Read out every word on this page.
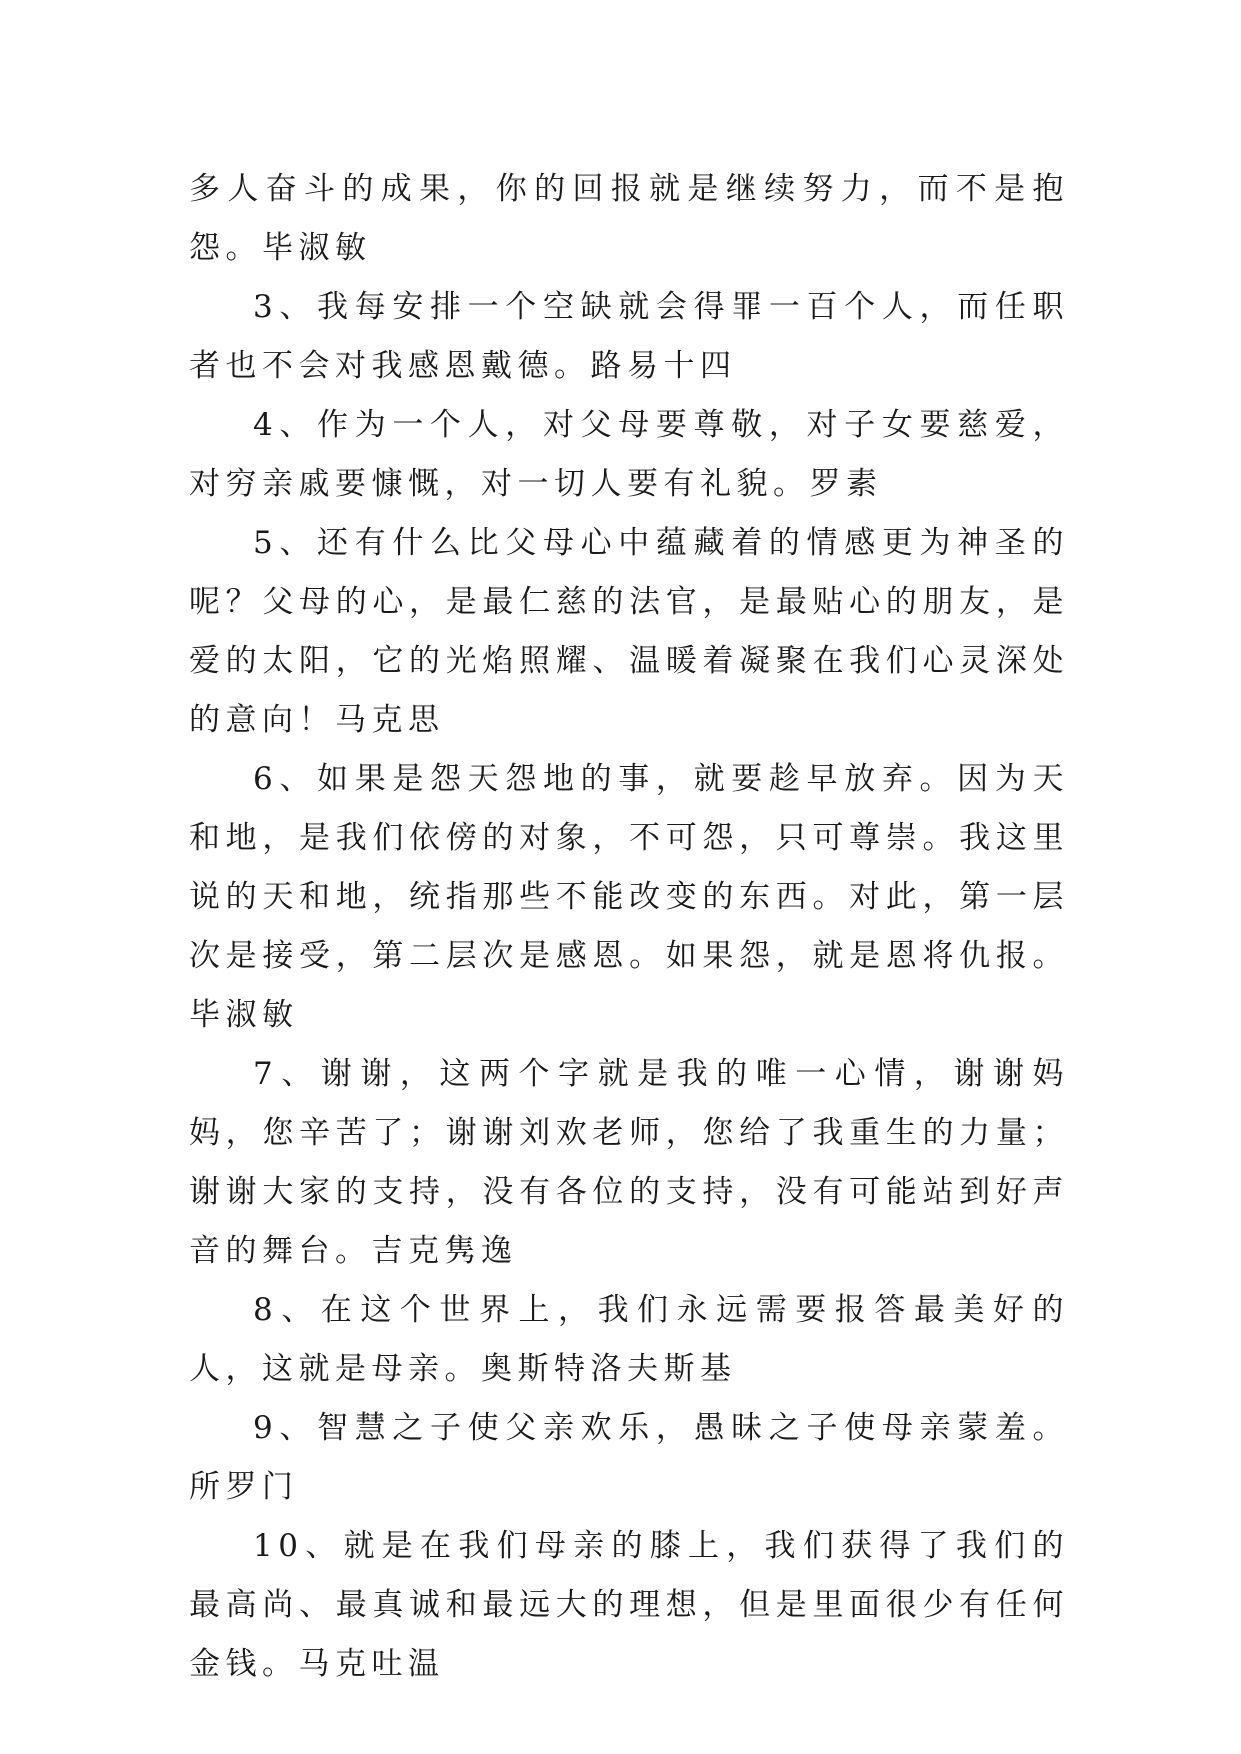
多人奋斗的成果，你的回报就是继续努力，而不是抱怨。毕淑敏

3、我每安排一个空缺就会得罪一百个人，而任职者也不会对我感恩戴德。路易十四

4、作为一个人，对父母要尊敬，对子女要慈爱，对穷亲戚要慷慨，对一切人要有礼貌。罗素

5、还有什么比父母心中蕴藏着的情感更为神圣的呢？父母的心，是最仁慈的法官，是最贴心的朋友，是爱的太阳，它的光焰照耀、温暖着凝聚在我们心灵深处的意向！马克思

6、如果是怨天怨地的事，就要趁早放弃。因为天和地，是我们依傍的对象，不可怨，只可尊崇。我这里说的天和地，统指那些不能改变的东西。对此，第一层次是接受，第二层次是感恩。如果怨，就是恩将仇报。毕淑敏

7、谢谢，这两个字就是我的唯一心情，谢谢妈妈，您辛苦了；谢谢刘欢老师，您给了我重生的力量；谢谢大家的支持，没有各位的支持，没有可能站到好声音的舞台。吉克隽逸

8、在这个世界上，我们永远需要报答最美好的人，这就是母亲。奥斯特洛夫斯基

9、智慧之子使父亲欢乐，愚昧之子使母亲蒙羞。所罗门

10、就是在我们母亲的膝上，我们获得了我们的最高尚、最真诚和最远大的理想，但是里面很少有任何金钱。马克吐温
